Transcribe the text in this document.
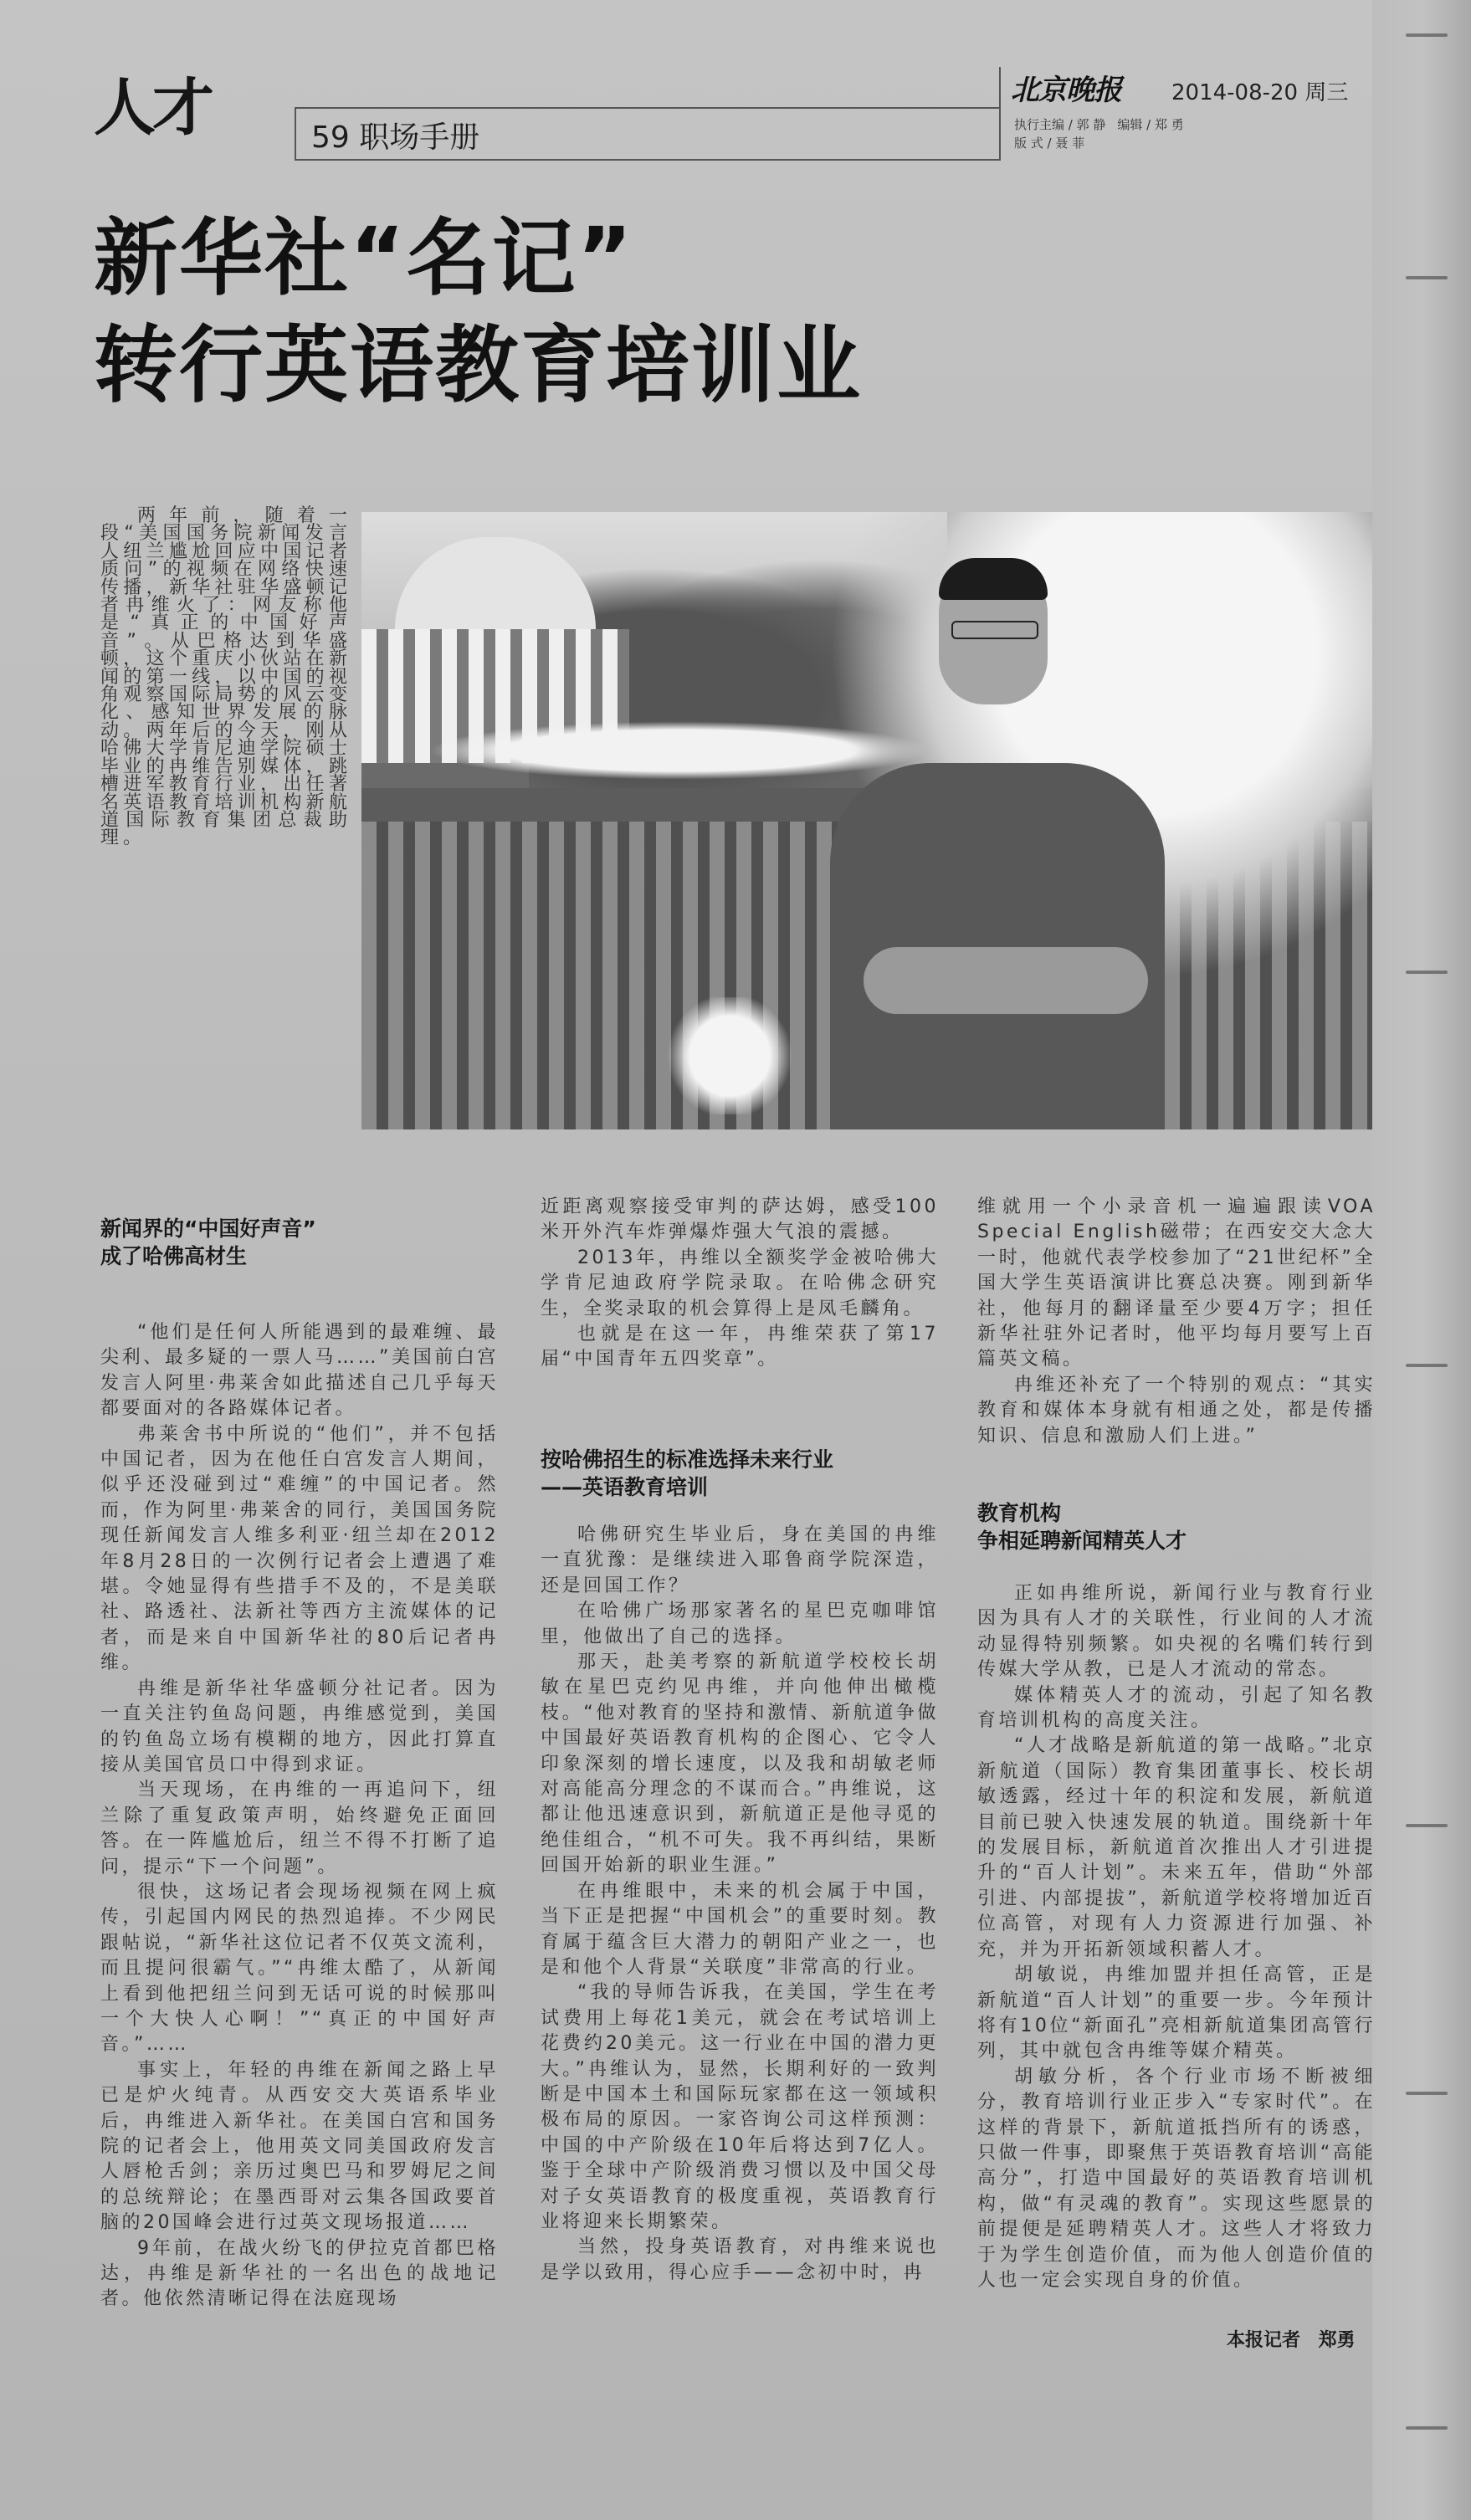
人才	59 职场手册
北京晚报 2014-08-20 周三
执行主编 / 郭 静 编辑 / 郑 勇
版 式 / 聂 菲
新华社“名记”
转行英语教育培训业
两年前，随着一段“美国国务院新闻发言人纽兰尴尬回应中国记者质问”的视频在网络快速传播，新华社驻华盛顿记者冉维火了：网友称他是“真正的中国好声音”。从巴格达到华盛顿，这个重庆小伙站在新闻的第一线，以中国的视角观察国际局势的风云变化、感知世界发展的脉动。两年后的今天，刚从哈佛大学肯尼迪学院硕士毕业的冉维告别媒体，跳槽进军教育行业，出任著名英语教育培训机构新航道国际教育集团总裁助理。
新闻界的“中国好声音”
成了哈佛高材生

“他们是任何人所能遇到的最难缠、最尖利、最多疑的一票人马……”美国前白宫发言人阿里·弗莱舍如此描述自己几乎每天都要面对的各路媒体记者。

弗莱舍书中所说的“他们”，并不包括中国记者，因为在他任白宫发言人期间，似乎还没碰到过“难缠”的中国记者。然而，作为阿里·弗莱舍的同行，美国国务院现任新闻发言人维多利亚·纽兰却在2012年8月28日的一次例行记者会上遭遇了难堪。令她显得有些措手不及的，不是美联社、路透社、法新社等西方主流媒体的记者，而是来自中国新华社的80后记者冉维。

冉维是新华社华盛顿分社记者。因为一直关注钓鱼岛问题，冉维感觉到，美国的钓鱼岛立场有模糊的地方，因此打算直接从美国官员口中得到求证。

当天现场，在冉维的一再追问下，纽兰除了重复政策声明，始终避免正面回答。在一阵尴尬后，纽兰不得不打断了追问，提示“下一个问题”。

很快，这场记者会现场视频在网上疯传，引起国内网民的热烈追捧。不少网民跟帖说，“新华社这位记者不仅英文流利，而且提问很霸气。”“冉维太酷了，从新闻上看到他把纽兰问到无话可说的时候那叫一个大快人心啊！”“真正的中国好声音。”……

事实上，年轻的冉维在新闻之路上早已是炉火纯青。从西安交大英语系毕业后，冉维进入新华社。在美国白宫和国务院的记者会上，他用英文同美国政府发言人唇枪舌剑；亲历过奥巴马和罗姆尼之间的总统辩论；在墨西哥对云集各国政要首脑的20国峰会进行过英文现场报道……

9年前，在战火纷飞的伊拉克首都巴格达，冉维是新华社的一名出色的战地记者。他依然清晰记得在法庭现场

近距离观察接受审判的萨达姆，感受100米开外汽车炸弹爆炸强大气浪的震撼。

2013年，冉维以全额奖学金被哈佛大学肯尼迪政府学院录取。在哈佛念研究生，全奖录取的机会算得上是凤毛麟角。

也就是在这一年，冉维荣获了第17届“中国青年五四奖章”。

按哈佛招生的标准选择未来行业
——英语教育培训

哈佛研究生毕业后，身在美国的冉维一直犹豫：是继续进入耶鲁商学院深造，还是回国工作？

在哈佛广场那家著名的星巴克咖啡馆里，他做出了自己的选择。

那天，赴美考察的新航道学校校长胡敏在星巴克约见冉维，并向他伸出橄榄枝。“他对教育的坚持和激情、新航道争做中国最好英语教育机构的企图心、它令人印象深刻的增长速度，以及我和胡敏老师对高能高分理念的不谋而合。”冉维说，这都让他迅速意识到，新航道正是他寻觅的绝佳组合，“机不可失。我不再纠结，果断回国开始新的职业生涯。”

在冉维眼中，未来的机会属于中国，当下正是把握“中国机会”的重要时刻。教育属于蕴含巨大潜力的朝阳产业之一，也是和他个人背景“关联度”非常高的行业。

“我的导师告诉我，在美国，学生在考试费用上每花1美元，就会在考试培训上花费约20美元。这一行业在中国的潜力更大。”冉维认为，显然，长期利好的一致判断是中国本土和国际玩家都在这一领域积极布局的原因。一家咨询公司这样预测：中国的中产阶级在10年后将达到7亿人。鉴于全球中产阶级消费习惯以及中国父母对子女英语教育的极度重视，英语教育行业将迎来长期繁荣。

当然，投身英语教育，对冉维来说也是学以致用，得心应手——念初中时，冉

维就用一个小录音机一遍遍跟读VOA Special English磁带；在西安交大念大一时，他就代表学校参加了“21世纪杯”全国大学生英语演讲比赛总决赛。刚到新华社，他每月的翻译量至少要4万字；担任新华社驻外记者时，他平均每月要写上百篇英文稿。

冉维还补充了一个特别的观点：“其实教育和媒体本身就有相通之处，都是传播知识、信息和激励人们上进。”

教育机构
争相延聘新闻精英人才

正如冉维所说，新闻行业与教育行业因为具有人才的关联性，行业间的人才流动显得特别频繁。如央视的名嘴们转行到传媒大学从教，已是人才流动的常态。

媒体精英人才的流动，引起了知名教育培训机构的高度关注。

“人才战略是新航道的第一战略。”北京新航道（国际）教育集团董事长、校长胡敏透露，经过十年的积淀和发展，新航道目前已驶入快速发展的轨道。围绕新十年的发展目标，新航道首次推出人才引进提升的“百人计划”。未来五年，借助“外部引进、内部提拔”，新航道学校将增加近百位高管，对现有人力资源进行加强、补充，并为开拓新领域积蓄人才。

胡敏说，冉维加盟并担任高管，正是新航道“百人计划”的重要一步。今年预计将有10位“新面孔”亮相新航道集团高管行列，其中就包含冉维等媒介精英。

胡敏分析，各个行业市场不断被细分，教育培训行业正步入“专家时代”。在这样的背景下，新航道抵挡所有的诱惑，只做一件事，即聚焦于英语教育培训“高能高分”，打造中国最好的英语教育培训机构，做“有灵魂的教育”。实现这些愿景的前提便是延聘精英人才。这些人才将致力于为学生创造价值，而为他人创造价值的人也一定会实现自身的价值。

本报记者 郑勇
